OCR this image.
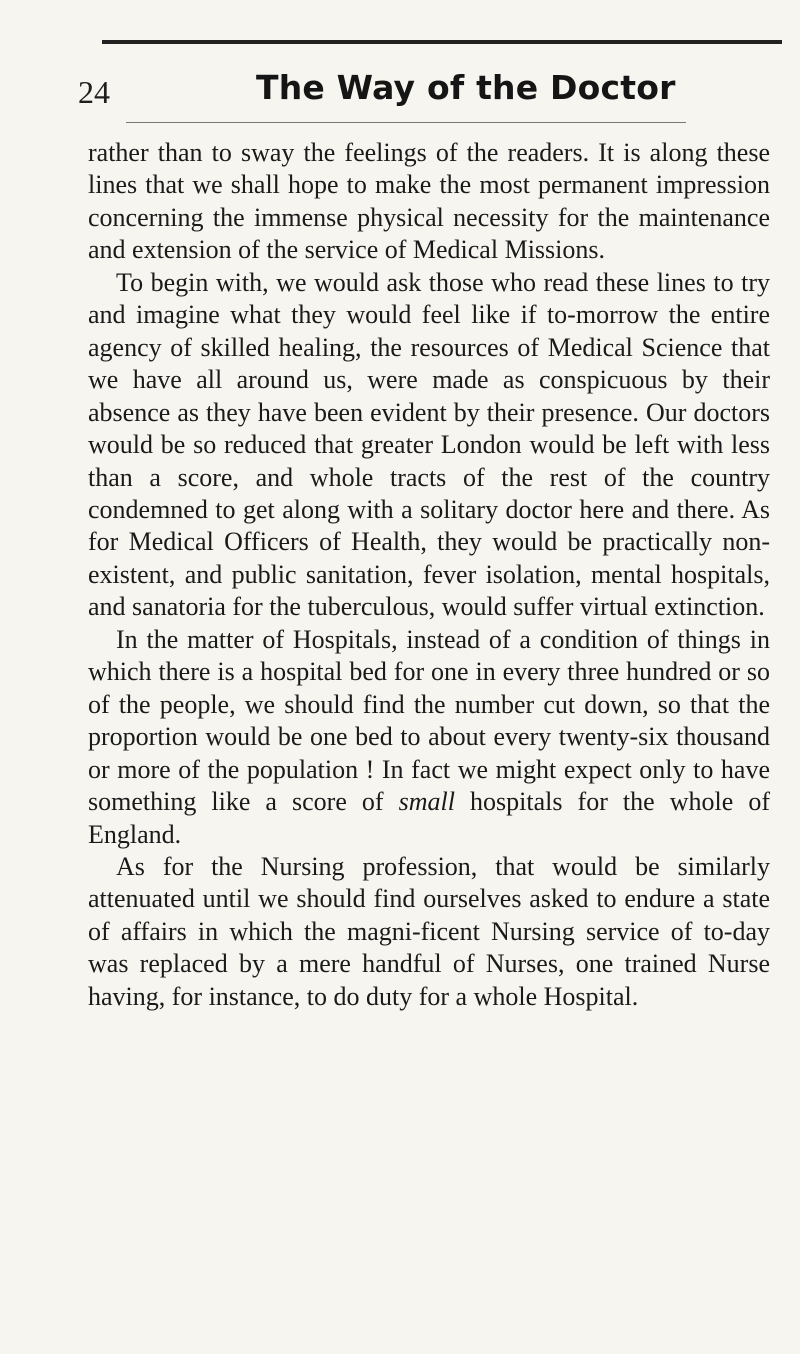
24	The Way of the Doctor

rather than to sway the feelings of the readers. It is along these lines that we shall hope to make the most permanent impression concerning the immense physical necessity for the maintenance and extension of the service of Medical Missions.

To begin with, we would ask those who read these lines to try and imagine what they would feel like if to-morrow the entire agency of skilled healing, the resources of Medical Science that we have all around us, were made as conspicuous by their absence as they have been evident by their presence. Our doctors would be so reduced that greater London would be left with less than a score, and whole tracts of the rest of the country condemned to get along with a solitary doctor here and there. As for Medical Officers of Health, they would be practically non-existent, and public sanitation, fever isolation, mental hospitals, and sanatoria for the tuberculous, would suffer virtual extinction.

In the matter of Hospitals, instead of a condition of things in which there is a hospital bed for one in every three hundred or so of the people, we should find the number cut down, so that the proportion would be one bed to about every twenty-six thousand or more of the population ! In fact we might expect only to have something like a score of small hospitals for the whole of England.

As for the Nursing profession, that would be similarly attenuated until we should find ourselves asked to endure a state of affairs in which the magni-ficent Nursing service of to-day was replaced by a mere handful of Nurses, one trained Nurse having, for instance, to do duty for a whole Hospital.
